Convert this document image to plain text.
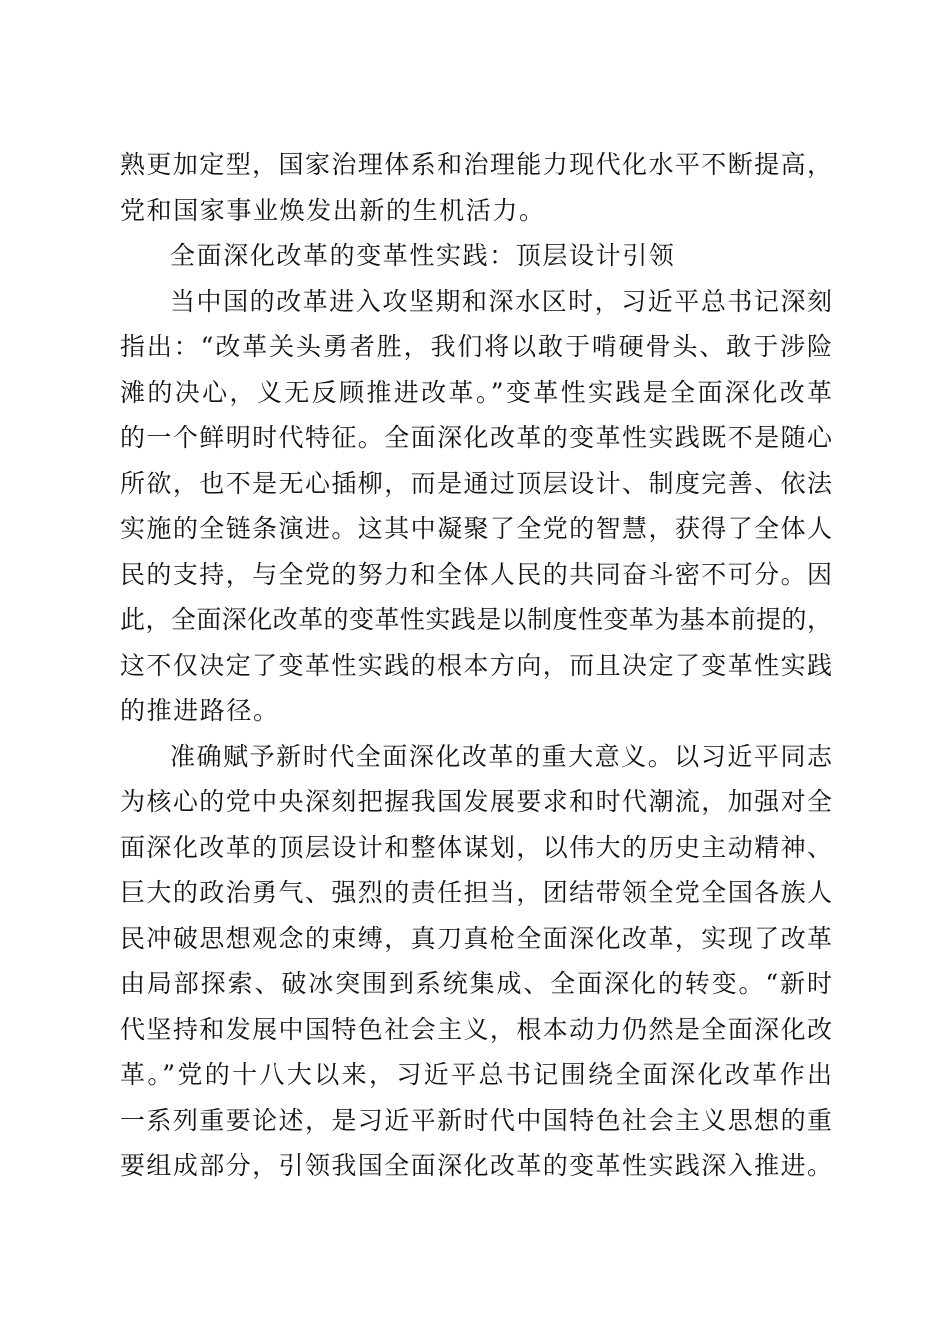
熟更加定型，国家治理体系和治理能力现代化水平不断提高，
党和国家事业焕发出新的生机活力。
全面深化改革的变革性实践：顶层设计引领
当中国的改革进入攻坚期和深水区时，习近平总书记深刻
指出：“改革关头勇者胜，我们将以敢于啃硬骨头、敢于涉险
滩的决心，义无反顾推进改革。”变革性实践是全面深化改革
的一个鲜明时代特征。全面深化改革的变革性实践既不是随心
所欲，也不是无心插柳，而是通过顶层设计、制度完善、依法
实施的全链条演进。这其中凝聚了全党的智慧，获得了全体人
民的支持，与全党的努力和全体人民的共同奋斗密不可分。因
此，全面深化改革的变革性实践是以制度性变革为基本前提的，
这不仅决定了变革性实践的根本方向，而且决定了变革性实践
的推进路径。
准确赋予新时代全面深化改革的重大意义。以习近平同志
为核心的党中央深刻把握我国发展要求和时代潮流，加强对全
面深化改革的顶层设计和整体谋划，以伟大的历史主动精神、
巨大的政治勇气、强烈的责任担当，团结带领全党全国各族人
民冲破思想观念的束缚，真刀真枪全面深化改革，实现了改革
由局部探索、破冰突围到系统集成、全面深化的转变。“新时
代坚持和发展中国特色社会主义，根本动力仍然是全面深化改
革。”党的十八大以来，习近平总书记围绕全面深化改革作出
一系列重要论述，是习近平新时代中国特色社会主义思想的重
要组成部分，引领我国全面深化改革的变革性实践深入推进。
